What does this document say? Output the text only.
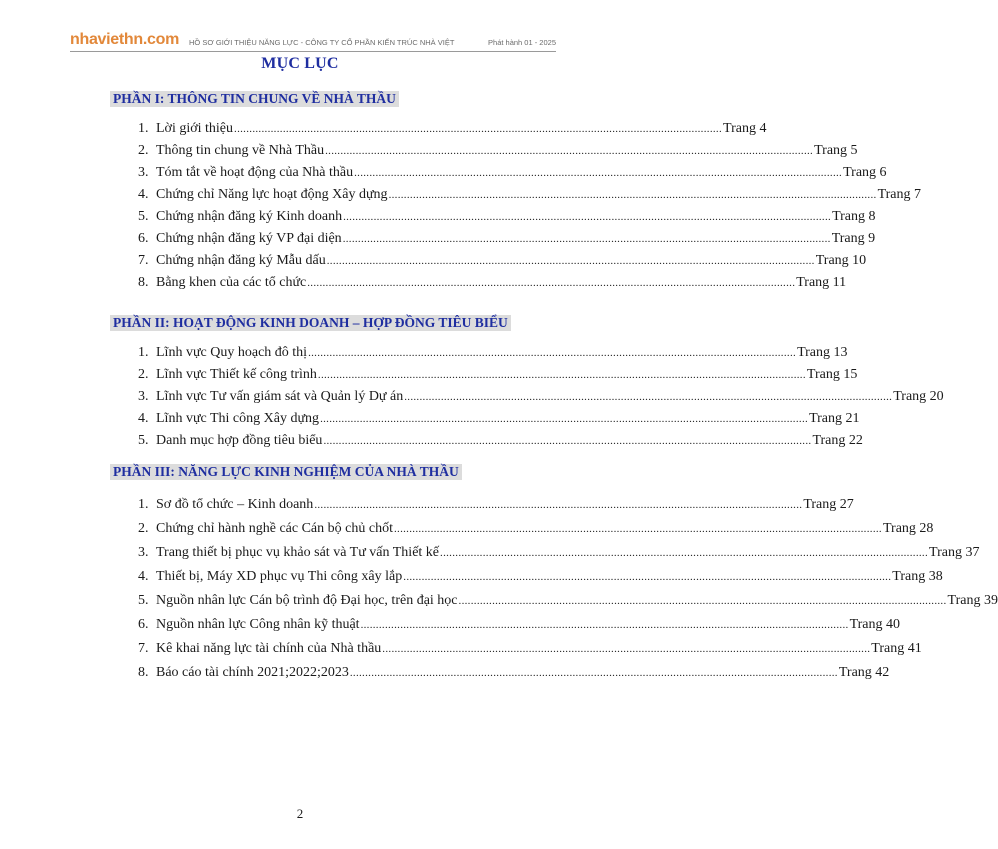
nhaviethn.com HỒ SƠ GIỚI THIỆU NĂNG LỰC - CÔNG TY CỔ PHẦN KIẾN TRÚC NHÀ VIỆT	Phát hành 01 - 2025
MỤC LỤC
PHẦN I: THÔNG TIN CHUNG VỀ NHÀ THẦU
1. Lời giới thiệu ................................................................................................................................................................ Trang 4
2. Thông tin chung về Nhà Thầu ................................................................................................................................................................ Trang 5
3. Tóm tắt về hoạt động của Nhà thầu ................................................................................................................................................................ Trang 6
4. Chứng chỉ Năng lực hoạt động Xây dựng ................................................................................................................................................................ Trang 7
5. Chứng nhận đăng ký Kinh doanh ................................................................................................................................................................ Trang 8
6. Chứng nhận đăng ký VP đại diện ................................................................................................................................................................ Trang 9
7. Chứng nhận đăng ký Mẫu dấu ................................................................................................................................................................ Trang 10
8. Bằng khen của các tổ chức ................................................................................................................................................................ Trang 11
PHẦN II: HOẠT ĐỘNG KINH DOANH – HỢP ĐỒNG TIÊU BIỂU
1. Lĩnh vực Quy hoạch đô thị ................................................................................................................................................................ Trang 13
2. Lĩnh vực Thiết kế công trình ................................................................................................................................................................ Trang 15
3. Lĩnh vực Tư vấn giám sát và Quản lý Dự án ................................................................................................................................................................ Trang 20
4. Lĩnh vực Thi công Xây dựng ................................................................................................................................................................ Trang 21
5. Danh mục hợp đồng tiêu biểu ................................................................................................................................................................ Trang 22
PHẦN III: NĂNG LỰC KINH NGHIỆM CỦA NHÀ THẦU
1. Sơ đồ tổ chức – Kinh doanh ................................................................................................................................................................ Trang 27
2. Chứng chỉ hành nghề các Cán bộ chủ chốt ................................................................................................................................................................ Trang 28
3. Trang thiết bị phục vụ khảo sát và Tư vấn Thiết kế ................................................................................................................................................................ Trang 37
4. Thiết bị, Máy XD phục vụ Thi công xây lắp ................................................................................................................................................................ Trang 38
5. Nguồn nhân lực Cán bộ trình độ Đại học, trên đại học ................................................................................................................................................................ Trang 39
6. Nguồn nhân lực Công nhân kỹ thuật ................................................................................................................................................................ Trang 40
7. Kê khai năng lực tài chính của Nhà thầu ................................................................................................................................................................ Trang 41
8. Báo cáo tài chính 2021;2022;2023 ................................................................................................................................................................ Trang 42
2
